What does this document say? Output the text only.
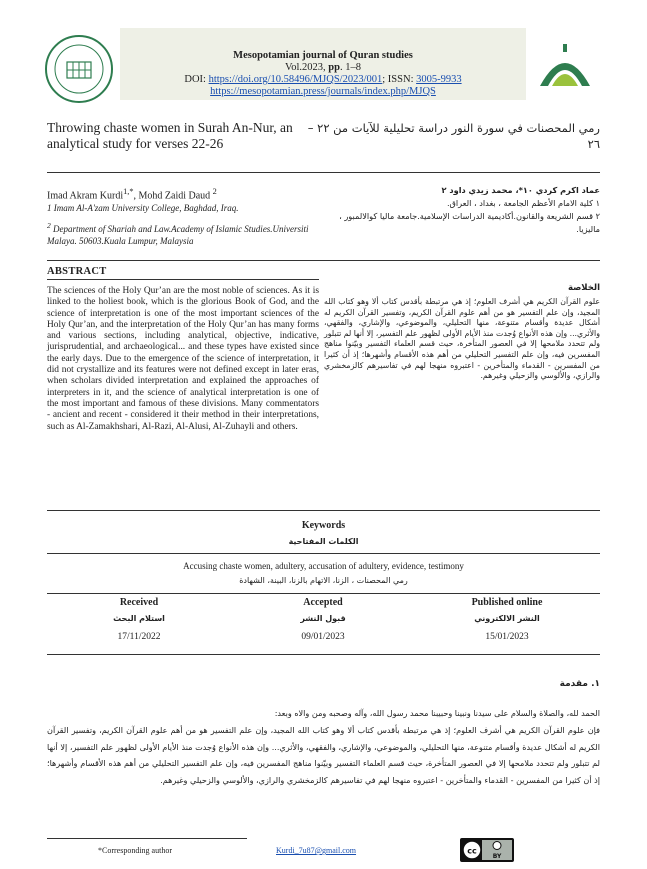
Mesopotamian journal of Quran studies
Vol.2023, pp. 1–8
DOI: https://doi.org/10.58496/MJQS/2023/001; ISSN: 3005-9933
https://mesopotamian.press/journals/index.php/MJQS
Throwing chaste women in Surah An-Nur, an analytical study for verses 22-26
رمي المحصنات في سورة النور دراسة تحليلية للآيات من ٢٢ – ٢٦
Imad Akram Kurdi$^{1,*}$, Mohd Zaidi Daud $^2$
1 Imam Al-A'zam University College, Baghdad, Iraq.
$^2$ Department of Shariah and Law.Academy of Islamic Studies.Universiti Malaya. 50603.Kuala Lumpur, Malaysia
عماد اكرم كردي ١٠*، محمد زيدي داود ٢
١ كلية الامام الأعظم الجامعة ، بغداد ، العراق.
٢ قسم الشريعة والقانون.أكاديمية الدراسات الإسلامية.جامعة ماليا كوالالمبور ، ماليزيا.
ABSTRACT
The sciences of the Holy Qur’an are the most noble of sciences. As it is linked to the holiest book, which is the glorious Book of God, and the science of interpretation is one of the most important sciences of the Holy Qur’an, and the interpretation of the Holy Qur’an has many forms and various sections, including analytical, objective, indicative, jurisprudential, and archaeological... and these types have existed since the early days. Due to the emergence of the science of interpretation, it did not crystallize and its features were not defined except in later eras, when scholars divided interpretation and explained the approaches of interpreters in it, and the science of analytical interpretation is one of the most important and famous of these divisions. Many commentators - ancient and recent - considered it their method in their interpretations, such as Al-Zamakhshari, Al-Razi, Al-Alusi, Al-Zuhayli and others.
الخلاصة
علوم القرآن الكريم هي أشرف العلوم؛ إذ هي مرتبطة بأقدس كتاب ألا وهو كتاب الله المجيد، وإن علم التفسير هو من أهم علوم القرآن الكريم، وتفسير القرآن الكريم له أشكال عديدة وأقسام متنوعة، منها التحليلي، والموضوعي، والإشاري، والفقهي، والأثري... وإن هذه الأنواع وُجدت منذ الأيام الأولى لظهور علم التفسير، إلا أنها لم تتبلور ولم تتحدد ملامحها إلا في العصور المتأخرة، حيث قسم العلماء التفسير وبيّنوا مناهج المفسرين فيه، وإن علم التفسير التحليلي من أهم هذه الأقسام وأشهرها؛ إذ أن كثيرا من المفسرين - القدماء والمتأخرين - اعتبروه منهجا لهم في تفاسيرهم كالزمخشري والرازي، والألوسي والزحيلي وغيرهم.
Keywords
الكلمات المفتاحية
Accusing chaste women, adultery, accusation of adultery, evidence, testimony
رمي المحصنات ، الزنا، الاتهام بالزنا، البينة، الشهادة
Received
استلام البحث
17/11/2022
Accepted
قبول النشر
09/01/2023
Published online
النشر الالكتروني
15/01/2023
١. مقدمة
الحمد لله، والصلاة والسلام على سيدنا ونبينا وحبيبنا محمد رسول الله، وآله وصحبه ومن والاه وبعد:
فإن علوم القرآن الكريم هي أشرف العلوم؛ إذ هي مرتبطة بأقدس كتاب ألا وهو كتاب الله المجيد، وإن علم التفسير هو من أهم علوم القرآن الكريم، وتفسير القرآن الكريم له أشكال عديدة وأقسام متنوعة، منها التحليلي، والموضوعي، والإشاري، والفقهي، والأثري... وإن هذه الأنواع وُجدت منذ الأيام الأولى لظهور علم التفسير، إلا أنها لم تتبلور ولم تتحدد ملامحها إلا في العصور المتأخرة، حيث قسم العلماء التفسير وبيّنوا مناهج المفسرين فيه، وإن علم التفسير التحليلي من أهم هذه الأقسام وأشهرها؛ إذ أن كثيرا من المفسرين - القدماء والمتأخرين - اعتبروه منهجا لهم في تفاسيرهم كالزمخشري والرازي، والألوسي والزحيلي وغيرهم.
*Corresponding author	Kurdi_7u87@gmail.com	cc
BY
